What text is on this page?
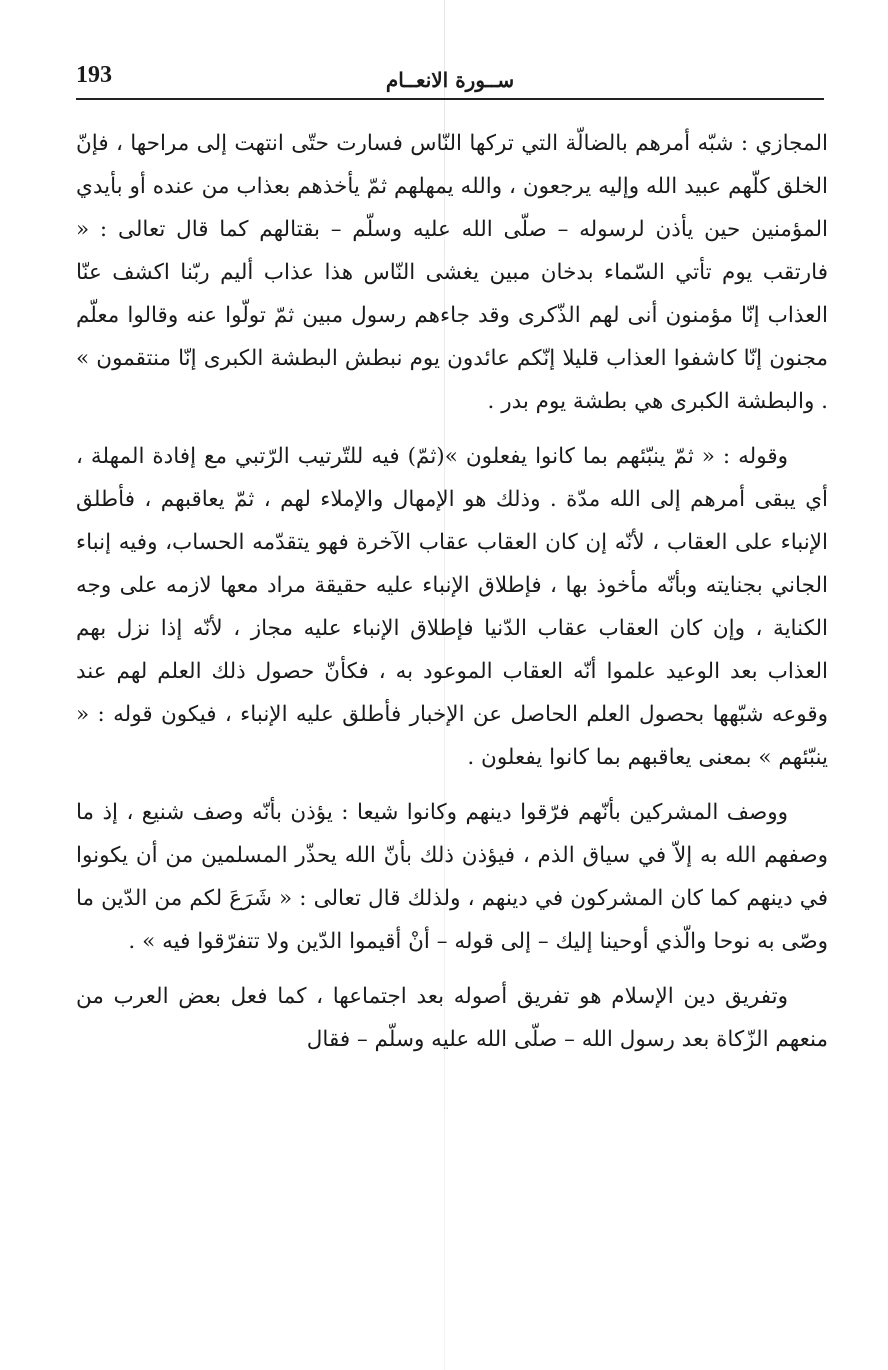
193	ســورة الانعــام

المجازي : شبّه أمرهم بالضالّة التي تركها النّاس فسارت حتّى انتهت إلى مراحها ، فإنّ الخلق كلّهم عبيد الله وإليه يرجعون ، والله يمهلهم ثمّ يأخذهم بعذاب من عنده أو بأيدي المؤمنين حين يأذن لرسوله – صلّى الله عليه وسلّم – بقتالهم كما قال تعالى : « فارتقب يوم تأتي السّماء بدخان مبين يغشى النّاس هذا عذاب أليم ربّنا اكشف عنّا العذاب إنّا مؤمنون أنى لهم الذّكرى وقد جاءهم رسول مبين ثمّ تولّوا عنه وقالوا معلّم مجنون إنّا كاشفوا العذاب قليلا إنّكم عائدون يوم نبطش البطشة الكبرى إنّا منتقمون » . والبطشة الكبرى هي بطشة يوم بدر .

وقوله : « ثمّ ينبّئهم بما كانوا يفعلون »(ثمّ) فيه للتّرتيب الرّتبي مع إفادة المهلة ، أي يبقى أمرهم إلى الله مدّة . وذلك هو الإمهال والإملاء لهم ، ثمّ يعاقبهم ، فأطلق الإنباء على العقاب ، لأنّه إن كان العقاب عقاب الآخرة فهو يتقدّمه الحساب، وفيه إنباء الجاني بجنايته وبأنّه مأخوذ بها ، فإطلاق الإنباء عليه حقيقة مراد معها لازمه على وجه الكناية ، وإن كان العقاب عقاب الدّنيا فإطلاق الإنباء عليه مجاز ، لأنّه إذا نزل بهم العذاب بعد الوعيد علموا أنّه العقاب الموعود به ، فكأنّ حصول ذلك العلم لهم عند وقوعه شبّهها بحصول العلم الحاصل عن الإخبار فأطلق عليه الإنباء ، فيكون قوله : « ينبّئهم » بمعنى يعاقبهم بما كانوا يفعلون .

ووصف المشركين بأنّهم فرّقوا دينهم وكانوا شيعا : يؤذن بأنّه وصف شنيع ، إذ ما وصفهم الله به إلاّ في سياق الذم ، فيؤذن ذلك بأنّ الله يحذّر المسلمين من أن يكونوا في دينهم كما كان المشركون في دينهم ، ولذلك قال تعالى : « شَرَعَ لكم من الدّين ما وصّى به نوحا والّذي أوحينا إليك – إلى قوله – أنْ أقيموا الدّين ولا تتفرّقوا فيه » .

وتفريق دين الإسلام هو تفريق أصوله بعد اجتماعها ، كما فعل بعض العرب من منعهم الزّكاة بعد رسول الله – صلّى الله عليه وسلّم – فقال
